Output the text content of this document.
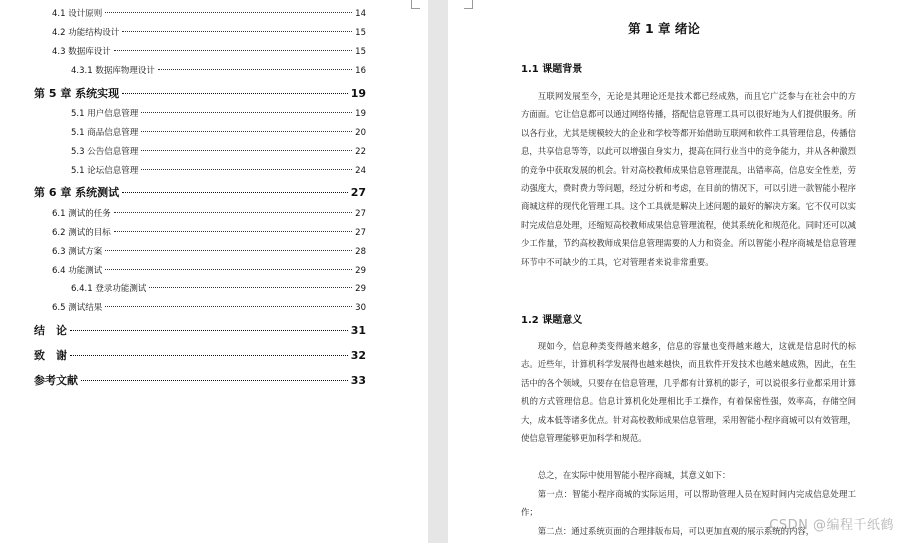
4.1 设计原则	14
4.2 功能结构设计	15
4.3 数据库设计	15
4.3.1 数据库物理设计	16
第 5 章 系统实现	19
5.1 用户信息管理	19
5.1 商品信息管理	20
5.3 公告信息管理	22
5.1 论坛信息管理	24
第 6 章 系统测试	27
6.1 测试的任务	27
6.2 测试的目标	27
6.3 测试方案	28
6.4 功能测试	29
6.4.1 登录功能测试	29
6.5 测试结果	30
结　论	31
致　谢	32
参考文献	33
第 1 章 绪论
1.1 课题背景

互联网发展至今，无论是其理论还是技术都已经成熟，而且它广泛参与在社会中的方方面面。它让信息都可以通过网络传播，搭配信息管理工具可以很好地为人们提供服务。所以各行业，尤其是规模较大的企业和学校等都开始借助互联网和软件工具管理信息，传播信息，共享信息等等，以此可以增强自身实力，提高在同行业当中的竞争能力，并从各种激烈的竞争中获取发展的机会。针对高校教师成果信息管理混乱，出错率高，信息安全性差，劳动强度大，费时费力等问题，经过分析和考虑，在目前的情况下，可以引进一款智能小程序商城这样的现代化管理工具。这个工具就是解决上述问题的最好的解决方案。它不仅可以实时完成信息处理，还缩短高校教师成果信息管理流程，使其系统化和规范化。同时还可以减少工作量，节约高校教师成果信息管理需要的人力和资金。所以智能小程序商城是信息管理环节中不可缺少的工具，它对管理者来说非常重要。

1.2 课题意义

现如今，信息种类变得越来越多，信息的容量也变得越来越大，这就是信息时代的标志。近些年，计算机科学发展得也越来越快，而且软件开发技术也越来越成熟，因此，在生活中的各个领域，只要存在信息管理，几乎都有计算机的影子，可以说很多行业都采用计算机的方式管理信息。信息计算机化处理相比手工操作，有着保密性强，效率高，存储空间大，成本低等诸多优点。针对高校教师成果信息管理，采用智能小程序商城可以有效管理，使信息管理能够更加科学和规范。

总之，在实际中使用智能小程序商城，其意义如下：

第一点：智能小程序商城的实际运用，可以帮助管理人员在短时间内完成信息处理工作；

第二点：通过系统页面的合理排版布局，可以更加直观的展示系统的内容，

CSDN @编程千纸鹤
